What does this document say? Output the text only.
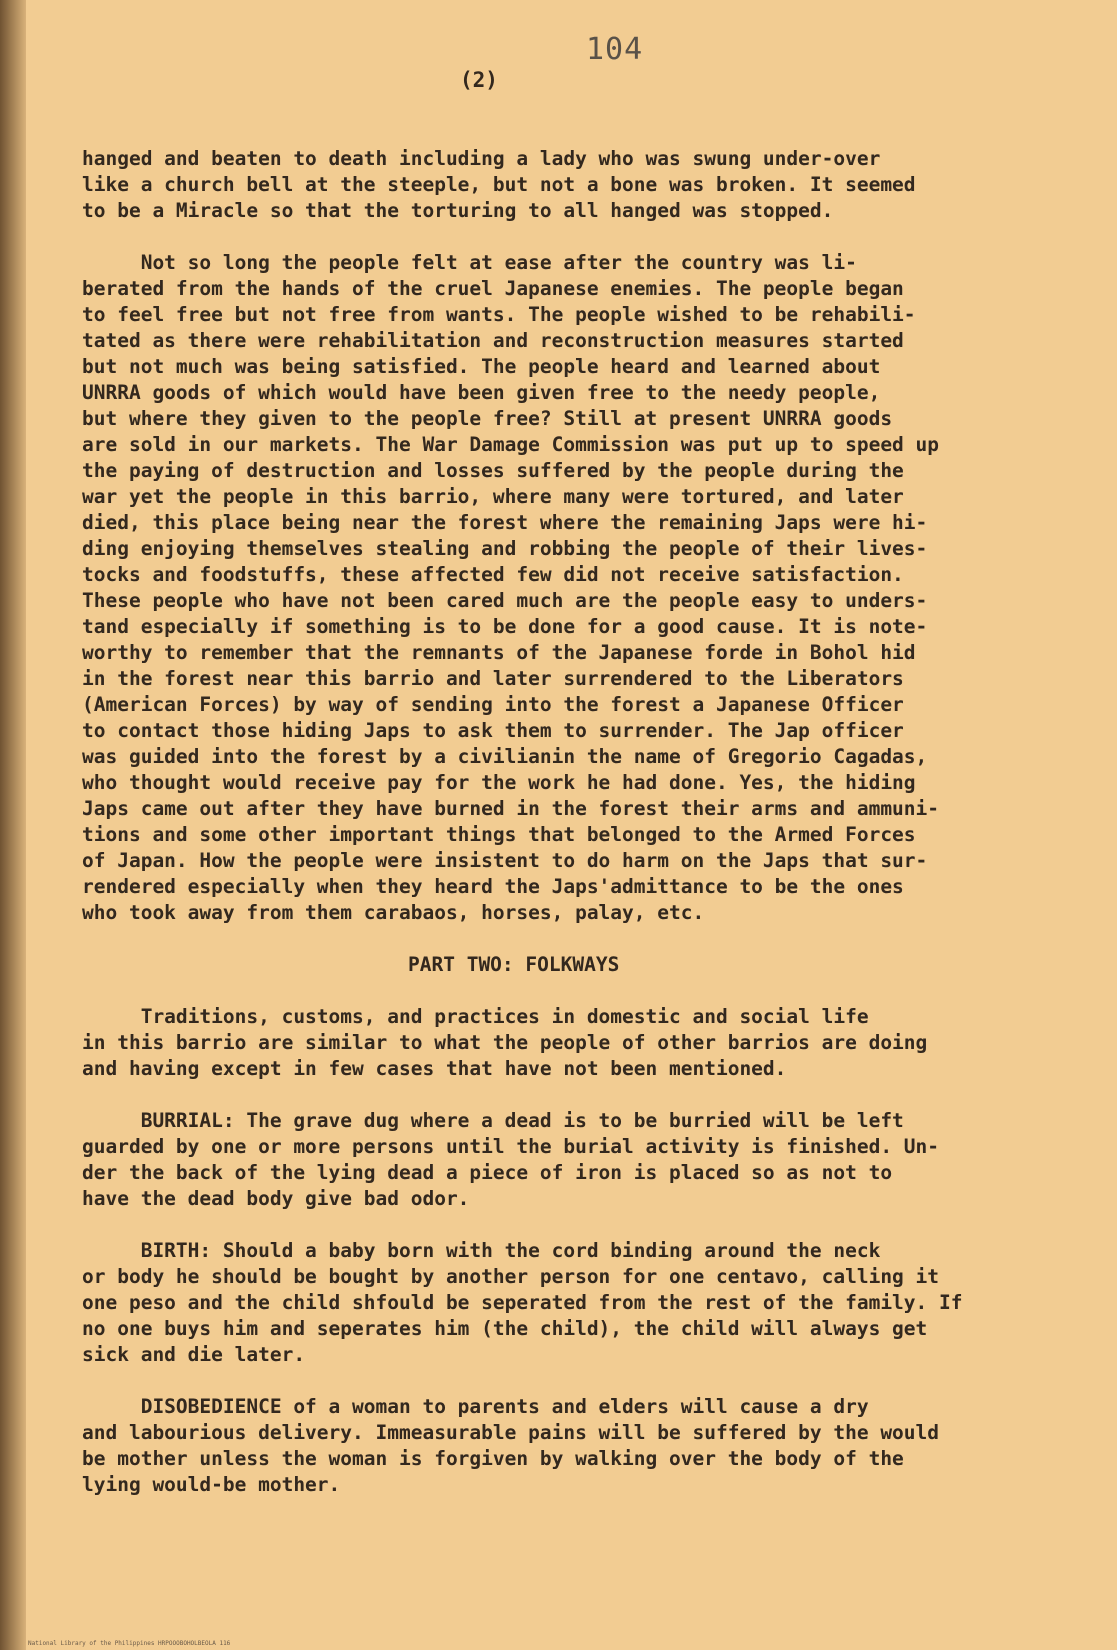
104
(2)

hanged and beaten to death including a lady who was swung under-over
like a church bell at the steeple, but not a bone was broken. It seemed
to be a Miracle so that the torturing to all hanged was stopped.

Not so long the people felt at ease after the country was li-
berated from the hands of the cruel Japanese enemies. The people began
to feel free but not free from wants. The people wished to be rehabili-
tated as there were rehabilitation and reconstruction measures started
but not much was being satisfied. The people heard and learned about
UNRRA goods of which would have been given free to the needy people,
but where they given to the people free? Still at present UNRRA goods
are sold in our markets. The War Damage Commission was put up to speed up
the paying of destruction and losses suffered by the people during the
war yet the people in this barrio, where many were tortured, and later
died, this place being near the forest where the remaining Japs were hi-
ding enjoying themselves stealing and robbing the people of their lives-
tocks and foodstuffs, these affected few did not receive satisfaction.
These people who have not been cared much are the people easy to unders-
tand especially if something is to be done for a good cause. It is note-
worthy to remember that the remnants of the Japanese forde in Bohol hid
in the forest near this barrio and later surrendered to the Liberators
(American Forces) by way of sending into the forest a Japanese Officer
to contact those hiding Japs to ask them to surrender. The Jap officer
was guided into the forest by a civilianin the name of Gregorio Cagadas,
who thought would receive pay for the work he had done. Yes, the hiding
Japs came out after they have burned in the forest their arms and ammuni-
tions and some other important things that belonged to the Armed Forces
of Japan. How the people were insistent to do harm on the Japs that sur-
rendered especially when they heard the Japs'admittance to be the ones
who took away from them carabaos, horses, palay, etc.

PART TWO: FOLKWAYS

Traditions, customs, and practices in domestic and social life
in this barrio are similar to what the people of other barrios are doing
and having except in few cases that have not been mentioned.

BURRIAL: The grave dug where a dead is to be burried will be left
guarded by one or more persons until the burial activity is finished. Un-
der the back of the lying dead a piece of iron is placed so as not to
have the dead body give bad odor.

BIRTH: Should a baby born with the cord binding around the neck
or body he should be bought by another person for one centavo, calling it
one peso and the child shfould be seperated from the rest of the family. If
no one buys him and seperates him (the child), the child will always get
sick and die later.

DISOBEDIENCE of a woman to parents and elders will cause a dry
and labourious delivery. Immeasurable pains will be suffered by the would
be mother unless the woman is forgiven by walking over the body of the
lying would-be mother.

National Library of the Philippines HRPOOOBOHOLBEOLA 116
